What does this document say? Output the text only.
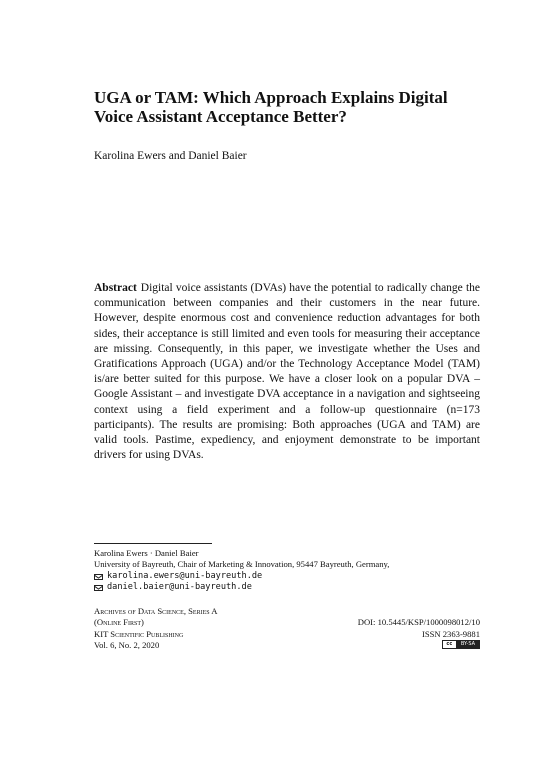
UGA or TAM: Which Approach Explains Digital Voice Assistant Acceptance Better?
Karolina Ewers and Daniel Baier

Abstract Digital voice assistants (DVAs) have the potential to radically change the communication between companies and their customers in the near future. However, despite enormous cost and convenience reduction advantages for both sides, their acceptance is still limited and even tools for measuring their acceptance are missing. Consequently, in this paper, we investigate whether the Uses and Gratifications Approach (UGA) and/or the Technology Acceptance Model (TAM) is/are better suited for this purpose. We have a closer look on a popular DVA – Google Assistant – and investigate DVA acceptance in a navigation and sightseeing context using a field experiment and a follow-up questionnaire (n=173 participants). The results are promising: Both approaches (UGA and TAM) are valid tools. Pastime, expediency, and enjoyment demonstrate to be important drivers for using DVAs.

Karolina Ewers · Daniel Baier
University of Bayreuth, Chair of Marketing & Innovation, 95447 Bayreuth, Germany,
karolina.ewers@uni-bayreuth.de
daniel.baier@uni-bayreuth.de
Archives of Data Science, Series A
(Online First)	DOI: 10.5445/KSP/1000098012/10
KIT Scientific Publishing	ISSN 2363-9881
Vol. 6, No. 2, 2020	cc	BY-SA
